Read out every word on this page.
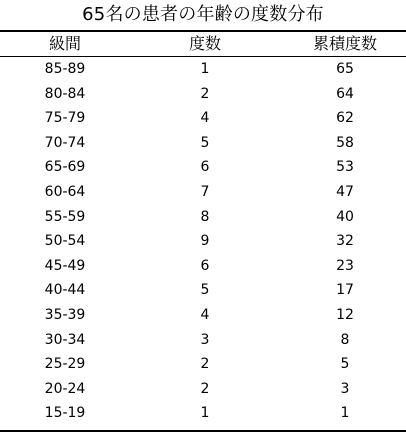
65名の患者の年齢の度数分布
級間	度数	累積度数
85-89	1	65
80-84	2	64
75-79	4	62
70-74	5	58
65-69	6	53
60-64	7	47
55-59	8	40
50-54	9	32
45-49	6	23
40-44	5	17
35-39	4	12
30-34	3	8
25-29	2	5
20-24	2	3
15-19	1	1
